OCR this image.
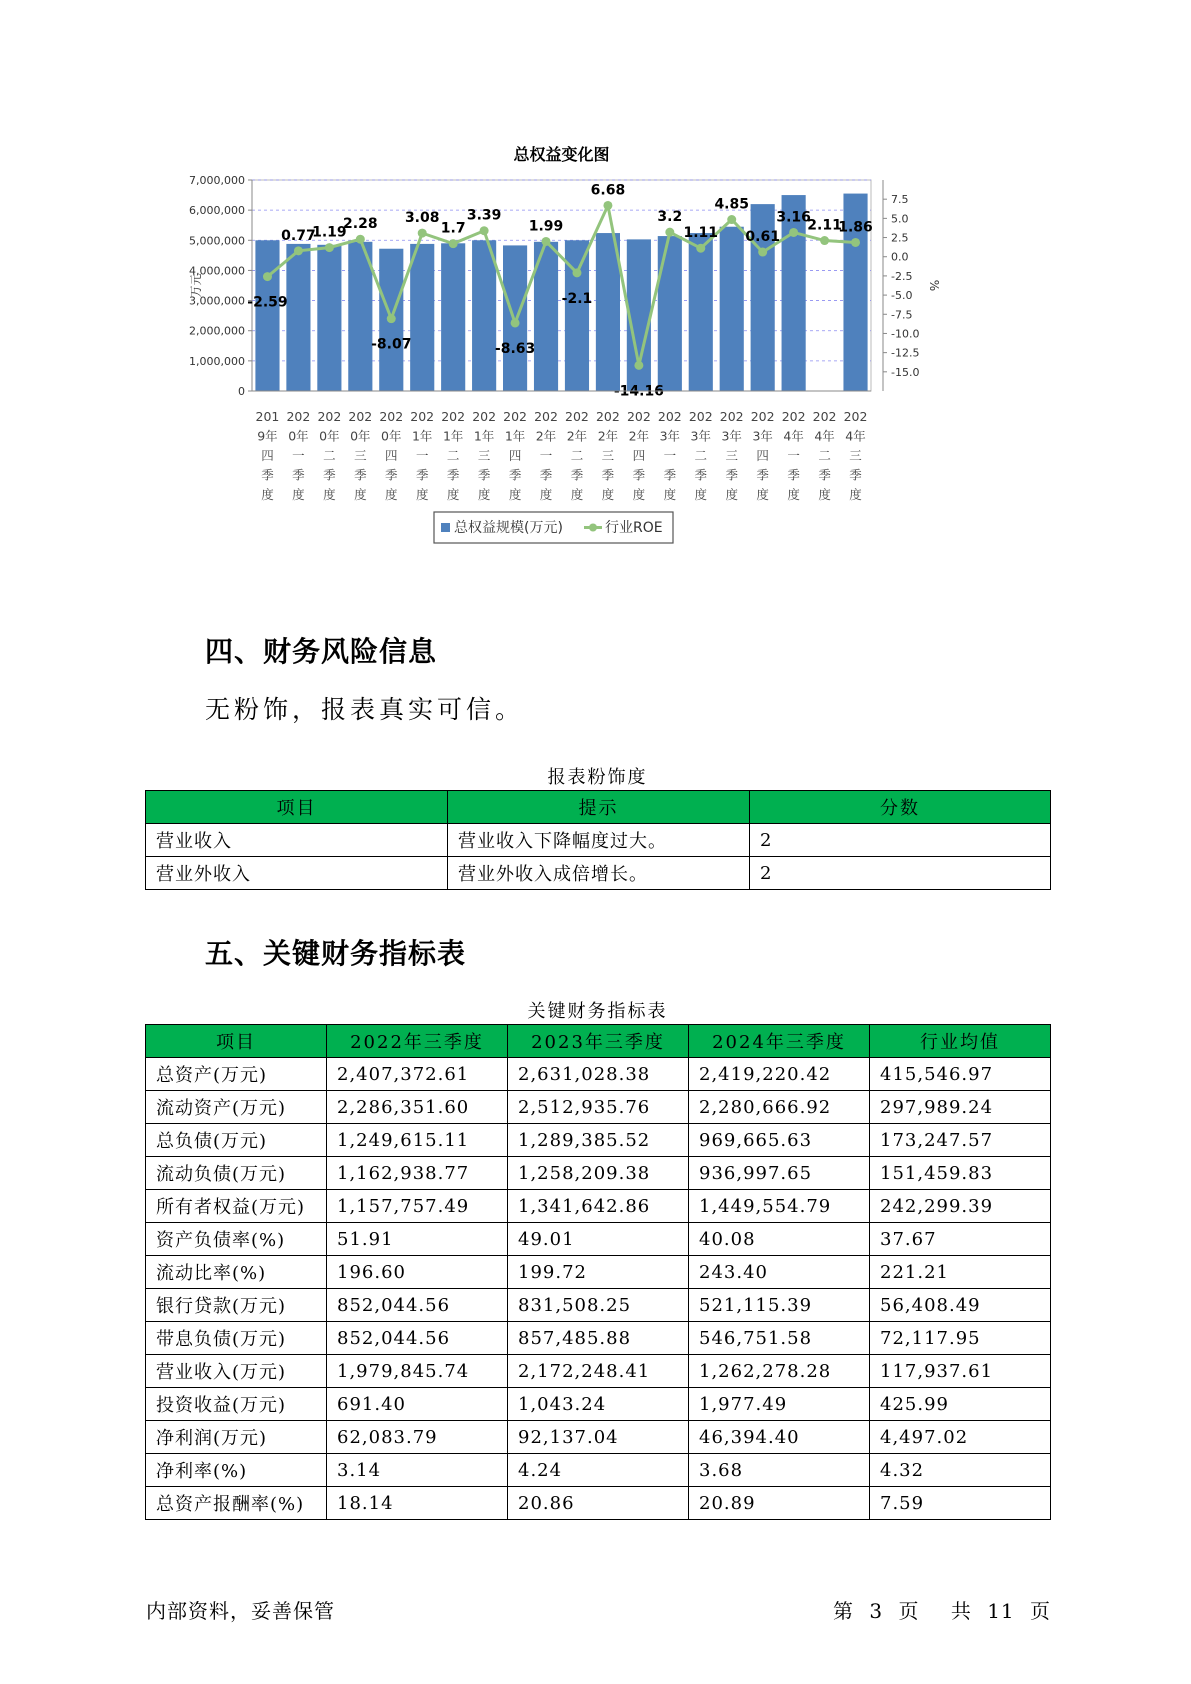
总权益变化图
0
1,000,000
2,000,000
3,000,000
4,000,000
5,000,000
6,000,000
7,000,000
万元
7.5
5.0
2.5
0.0
-2.5
-5.0
-7.5
-10.0
-12.5
-15.0
%
-2.59
0.77
1.19
2.28
-8.07
3.08
1.7
3.39
-8.63
1.99
-2.1
6.68
-14.16
3.2
1.11
4.85
0.61
3.16
2.11
1.86
201
9年
四
季
度
202
0年
一
季
度
202
0年
二
季
度
202
0年
三
季
度
202
0年
四
季
度
202
1年
一
季
度
202
1年
二
季
度
202
1年
三
季
度
202
1年
四
季
度
202
2年
一
季
度
202
2年
二
季
度
202
2年
三
季
度
202
2年
四
季
度
202
3年
一
季
度
202
3年
二
季
度
202
3年
三
季
度
202
3年
四
季
度
202
4年
一
季
度
202
4年
二
季
度
202
4年
三
季
度
总权益规模(万元)	行业ROE
四、财务风险信息
无粉饰，报表真实可信。
报表粉饰度
项目	提示	分数
营业收入	营业收入下降幅度过大。	2
营业外收入	营业外收入成倍增长。	2
五、关键财务指标表
关键财务指标表
项目	2022年三季度	2023年三季度	2024年三季度	行业均值
总资产(万元)	2,407,372.61	2,631,028.38	2,419,220.42	415,546.97
流动资产(万元)	2,286,351.60	2,512,935.76	2,280,666.92	297,989.24
总负债(万元)	1,249,615.11	1,289,385.52	969,665.63	173,247.57
流动负债(万元)	1,162,938.77	1,258,209.38	936,997.65	151,459.83
所有者权益(万元)	1,157,757.49	1,341,642.86	1,449,554.79	242,299.39
资产负债率(%)	51.91	49.01	40.08	37.67
流动比率(%)	196.60	199.72	243.40	221.21
银行贷款(万元)	852,044.56	831,508.25	521,115.39	56,408.49
带息负债(万元)	852,044.56	857,485.88	546,751.58	72,117.95
营业收入(万元)	1,979,845.74	2,172,248.41	1,262,278.28	117,937.61
投资收益(万元)	691.40	1,043.24	1,977.49	425.99
净利润(万元)	62,083.79	92,137.04	46,394.40	4,497.02
净利率(%)	3.14	4.24	3.68	4.32
总资产报酬率(%)	18.14	20.86	20.89	7.59
内部资料，妥善保管	第 3 页 共 11 页
